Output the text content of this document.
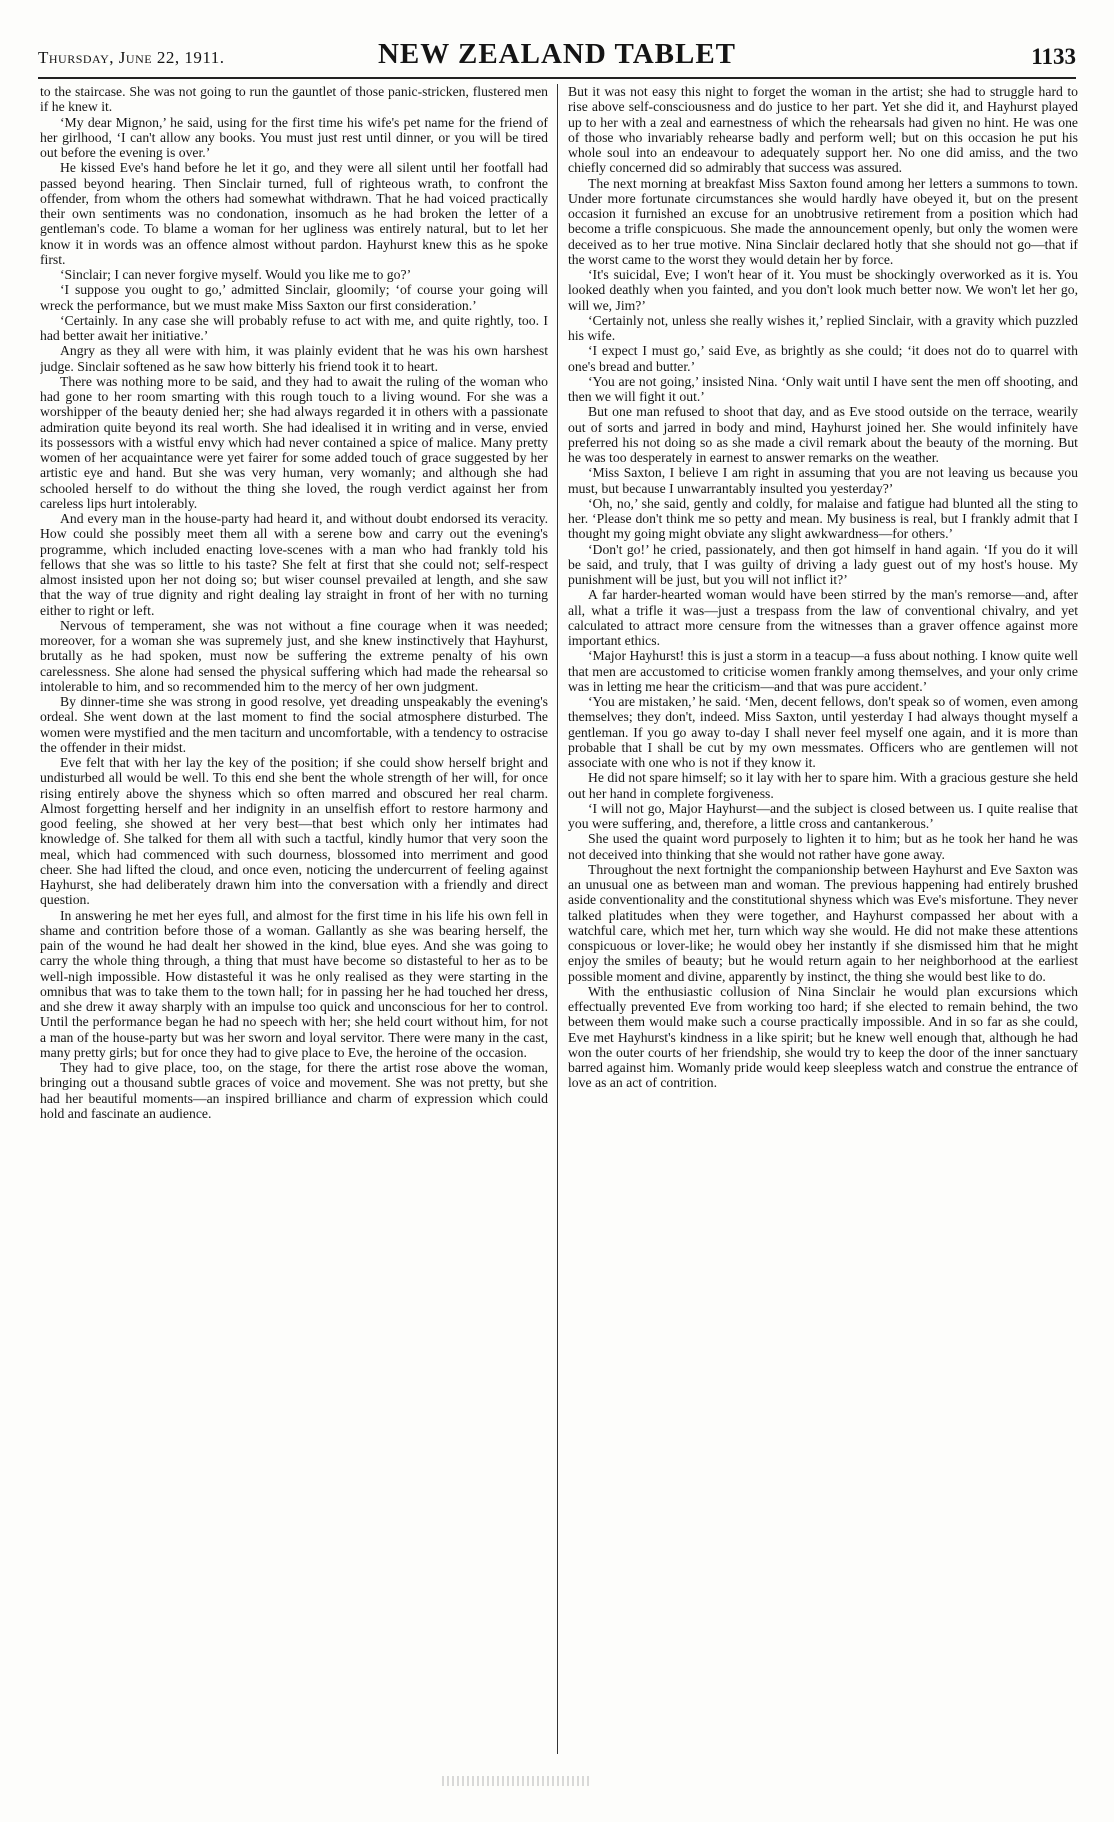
Thursday, June 22, 1911.	NEW ZEALAND TABLET	1133

to the staircase. She was not going to run the gauntlet of those panic-stricken, flustered men if he knew it.

‘My dear Mignon,’ he said, using for the first time his wife's pet name for the friend of her girlhood, ‘I can't allow any books. You must just rest until dinner, or you will be tired out before the evening is over.’

He kissed Eve's hand before he let it go, and they were all silent until her footfall had passed beyond hearing. Then Sinclair turned, full of righteous wrath, to confront the offender, from whom the others had somewhat withdrawn. That he had voiced practically their own sentiments was no condonation, insomuch as he had broken the letter of a gentleman's code. To blame a woman for her ugliness was entirely natural, but to let her know it in words was an offence almost without pardon. Hayhurst knew this as he spoke first.

‘Sinclair; I can never forgive myself. Would you like me to go?’

‘I suppose you ought to go,’ admitted Sinclair, gloomily; ‘of course your going will wreck the performance, but we must make Miss Saxton our first consideration.’

‘Certainly. In any case she will probably refuse to act with me, and quite rightly, too. I had better await her initiative.’

Angry as they all were with him, it was plainly evident that he was his own harshest judge. Sinclair softened as he saw how bitterly his friend took it to heart.

There was nothing more to be said, and they had to await the ruling of the woman who had gone to her room smarting with this rough touch to a living wound. For she was a worshipper of the beauty denied her; she had always regarded it in others with a passionate admiration quite beyond its real worth. She had idealised it in writing and in verse, envied its possessors with a wistful envy which had never contained a spice of malice. Many pretty women of her acquaintance were yet fairer for some added touch of grace suggested by her artistic eye and hand. But she was very human, very womanly; and although she had schooled herself to do without the thing she loved, the rough verdict against her from careless lips hurt intolerably.

And every man in the house-party had heard it, and without doubt endorsed its veracity. How could she possibly meet them all with a serene bow and carry out the evening's programme, which included enacting love-scenes with a man who had frankly told his fellows that she was so little to his taste? She felt at first that she could not; self-respect almost insisted upon her not doing so; but wiser counsel prevailed at length, and she saw that the way of true dignity and right dealing lay straight in front of her with no turning either to right or left.

Nervous of temperament, she was not without a fine courage when it was needed; moreover, for a woman she was supremely just, and she knew instinctively that Hayhurst, brutally as he had spoken, must now be suffering the extreme penalty of his own carelessness. She alone had sensed the physical suffering which had made the rehearsal so intolerable to him, and so recommended him to the mercy of her own judgment.

By dinner-time she was strong in good resolve, yet dreading unspeakably the evening's ordeal. She went down at the last moment to find the social atmosphere disturbed. The women were mystified and the men taciturn and uncomfortable, with a tendency to ostracise the offender in their midst.

Eve felt that with her lay the key of the position; if she could show herself bright and undisturbed all would be well. To this end she bent the whole strength of her will, for once rising entirely above the shyness which so often marred and obscured her real charm. Almost forgetting herself and her indignity in an unselfish effort to restore harmony and good feeling, she showed at her very best—that best which only her intimates had knowledge of. She talked for them all with such a tactful, kindly humor that very soon the meal, which had commenced with such dourness, blossomed into merriment and good cheer. She had lifted the cloud, and once even, noticing the undercurrent of feeling against Hayhurst, she had deliberately drawn him into the conversation with a friendly and direct question.

In answering he met her eyes full, and almost for the first time in his life his own fell in shame and contrition before those of a woman. Gallantly as she was bearing herself, the pain of the wound he had dealt her showed in the kind, blue eyes. And she was going to carry the whole thing through, a thing that must have become so distasteful to her as to be well-nigh impossible. How distasteful it was he only realised as they were starting in the omnibus that was to take them to the town hall; for in passing her he had touched her dress, and she drew it away sharply with an impulse too quick and unconscious for her to control. Until the performance began he had no speech with her; she held court without him, for not a man of the house-party but was her sworn and loyal servitor. There were many in the cast, many pretty girls; but for once they had to give place to Eve, the heroine of the occasion.

They had to give place, too, on the stage, for there the artist rose above the woman, bringing out a thousand subtle graces of voice and movement. She was not pretty, but she had her beautiful moments—an inspired brilliance and charm of expression which could hold and fascinate an audience.

But it was not easy this night to forget the woman in the artist; she had to struggle hard to rise above self-consciousness and do justice to her part. Yet she did it, and Hayhurst played up to her with a zeal and earnestness of which the rehearsals had given no hint. He was one of those who invariably rehearse badly and perform well; but on this occasion he put his whole soul into an endeavour to adequately support her. No one did amiss, and the two chiefly concerned did so admirably that success was assured.

The next morning at breakfast Miss Saxton found among her letters a summons to town. Under more fortunate circumstances she would hardly have obeyed it, but on the present occasion it furnished an excuse for an unobtrusive retirement from a position which had become a trifle conspicuous. She made the announcement openly, but only the women were deceived as to her true motive. Nina Sinclair declared hotly that she should not go—that if the worst came to the worst they would detain her by force.

‘It's suicidal, Eve; I won't hear of it. You must be shockingly overworked as it is. You looked deathly when you fainted, and you don't look much better now. We won't let her go, will we, Jim?’

‘Certainly not, unless she really wishes it,’ replied Sinclair, with a gravity which puzzled his wife.

‘I expect I must go,’ said Eve, as brightly as she could; ‘it does not do to quarrel with one's bread and butter.’

‘You are not going,’ insisted Nina. ‘Only wait until I have sent the men off shooting, and then we will fight it out.’

But one man refused to shoot that day, and as Eve stood outside on the terrace, wearily out of sorts and jarred in body and mind, Hayhurst joined her. She would infinitely have preferred his not doing so as she made a civil remark about the beauty of the morning. But he was too desperately in earnest to answer remarks on the weather.

‘Miss Saxton, I believe I am right in assuming that you are not leaving us because you must, but because I unwarrantably insulted you yesterday?’

‘Oh, no,’ she said, gently and coldly, for malaise and fatigue had blunted all the sting to her. ‘Please don't think me so petty and mean. My business is real, but I frankly admit that I thought my going might obviate any slight awkwardness—for others.’

‘Don't go!’ he cried, passionately, and then got himself in hand again. ‘If you do it will be said, and truly, that I was guilty of driving a lady guest out of my host's house. My punishment will be just, but you will not inflict it?’

A far harder-hearted woman would have been stirred by the man's remorse—and, after all, what a trifle it was—just a trespass from the law of conventional chivalry, and yet calculated to attract more censure from the witnesses than a graver offence against more important ethics.

‘Major Hayhurst! this is just a storm in a teacup—a fuss about nothing. I know quite well that men are accustomed to criticise women frankly among themselves, and your only crime was in letting me hear the criticism—and that was pure accident.’

‘You are mistaken,’ he said. ‘Men, decent fellows, don't speak so of women, even among themselves; they don't, indeed. Miss Saxton, until yesterday I had always thought myself a gentleman. If you go away to-day I shall never feel myself one again, and it is more than probable that I shall be cut by my own messmates. Officers who are gentlemen will not associate with one who is not if they know it.

He did not spare himself; so it lay with her to spare him. With a gracious gesture she held out her hand in complete forgiveness.

‘I will not go, Major Hayhurst—and the subject is closed between us. I quite realise that you were suffering, and, therefore, a little cross and cantankerous.’

She used the quaint word purposely to lighten it to him; but as he took her hand he was not deceived into thinking that she would not rather have gone away.

Throughout the next fortnight the companionship between Hayhurst and Eve Saxton was an unusual one as between man and woman. The previous happening had entirely brushed aside conventionality and the constitutional shyness which was Eve's misfortune. They never talked platitudes when they were together, and Hayhurst compassed her about with a watchful care, which met her, turn which way she would. He did not make these attentions conspicuous or lover-like; he would obey her instantly if she dismissed him that he might enjoy the smiles of beauty; but he would return again to her neighborhood at the earliest possible moment and divine, apparently by instinct, the thing she would best like to do.

With the enthusiastic collusion of Nina Sinclair he would plan excursions which effectually prevented Eve from working too hard; if she elected to remain behind, the two between them would make such a course practically impossible. And in so far as she could, Eve met Hayhurst's kindness in a like spirit; but he knew well enough that, although he had won the outer courts of her friendship, she would try to keep the door of the inner sanctuary barred against him. Womanly pride would keep sleepless watch and construe the entrance of love as an act of contrition.
